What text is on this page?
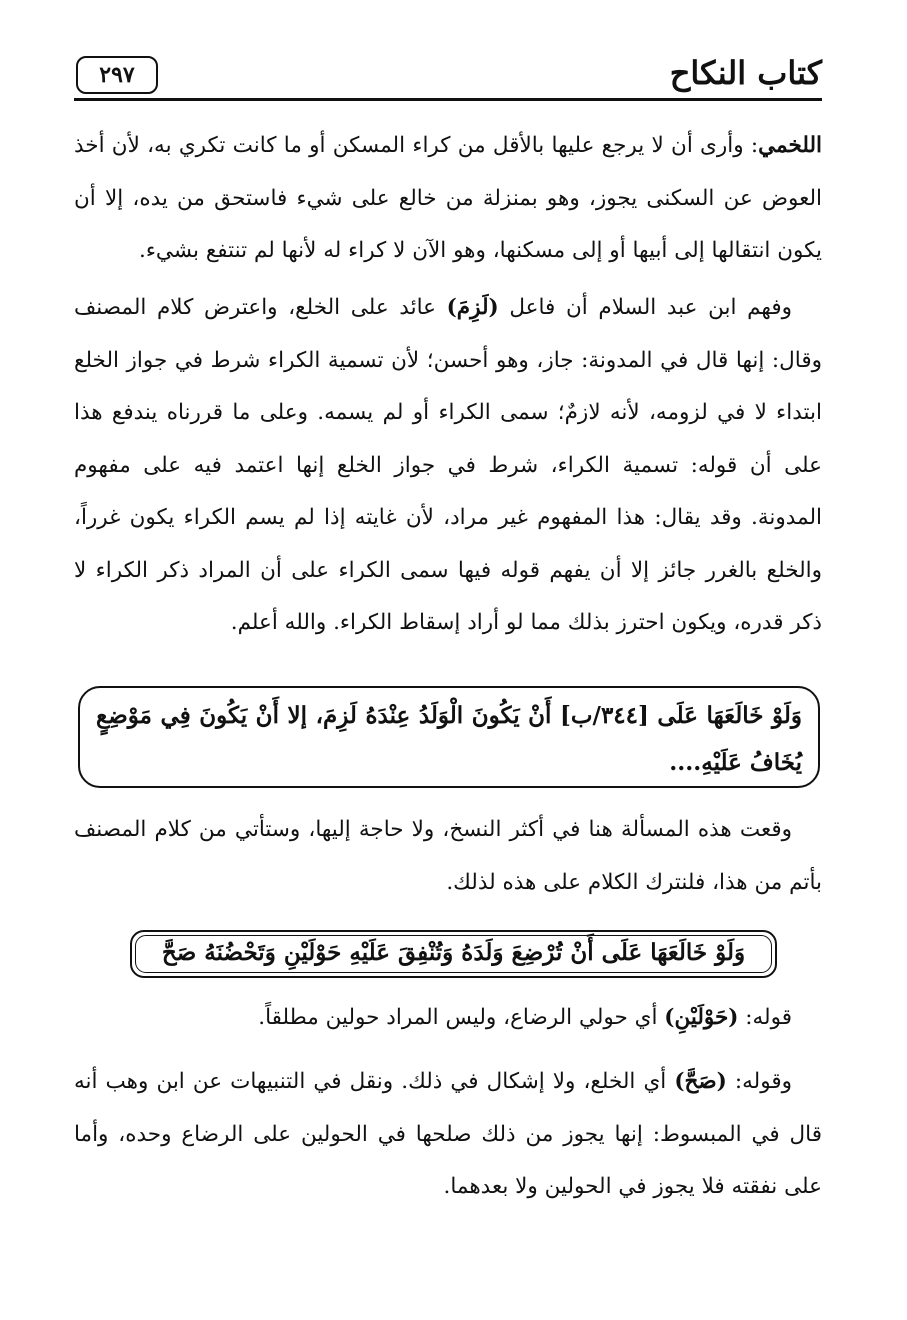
كتاب النكاح
٢٩٧

اللخمي: وأرى أن لا يرجع عليها بالأقل من كراء المسكن أو ما كانت تكري به، لأن أخذ العوض عن السكنى يجوز، وهو بمنزلة من خالع على شيء فاستحق من يده، إلا أن يكون انتقالها إلى أبيها أو إلى مسكنها، وهو الآن لا كراء له لأنها لم تنتفع بشيء.

وفهم ابن عبد السلام أن فاعل (لَزِمَ) عائد على الخلع، واعترض كلام المصنف وقال: إنها قال في المدونة: جاز، وهو أحسن؛ لأن تسمية الكراء شرط في جواز الخلع ابتداء لا في لزومه، لأنه لازمٌ؛ سمى الكراء أو لم يسمه. وعلى ما قررناه يندفع هذا على أن قوله: تسمية الكراء، شرط في جواز الخلع إنها اعتمد فيه على مفهوم المدونة. وقد يقال: هذا المفهوم غير مراد، لأن غايته إذا لم يسم الكراء يكون غرراً، والخلع بالغرر جائز إلا أن يفهم قوله فيها سمى الكراء على أن المراد ذكر الكراء لا ذكر قدره، ويكون احترز بذلك مما لو أراد إسقاط الكراء. والله أعلم.

وَلَوْ خَالَعَهَا عَلَى [٣٤٤/ب] أَنْ يَكُونَ الْوَلَدُ عِنْدَهُ لَزِمَ، إلا أَنْ يَكُونَ فِي مَوْضِعٍ يُخَافُ عَلَيْهِ....

وقعت هذه المسألة هنا في أكثر النسخ، ولا حاجة إليها، وستأتي من كلام المصنف بأتم من هذا، فلنترك الكلام على هذه لذلك.

وَلَوْ خَالَعَهَا عَلَى أَنْ تُرْضِعَ وَلَدَهُ وَتُنْفِقَ عَلَيْهِ حَوْلَيْنِ وَتَحْضُنَهُ صَحَّ

قوله: (حَوْلَيْنِ) أي حولي الرضاع، وليس المراد حولين مطلقاً.

وقوله: (صَحَّ) أي الخلع، ولا إشكال في ذلك. ونقل في التنبيهات عن ابن وهب أنه قال في المبسوط: إنها يجوز من ذلك صلحها في الحولين على الرضاع وحده، وأما على نفقته فلا يجوز في الحولين ولا بعدهما.
